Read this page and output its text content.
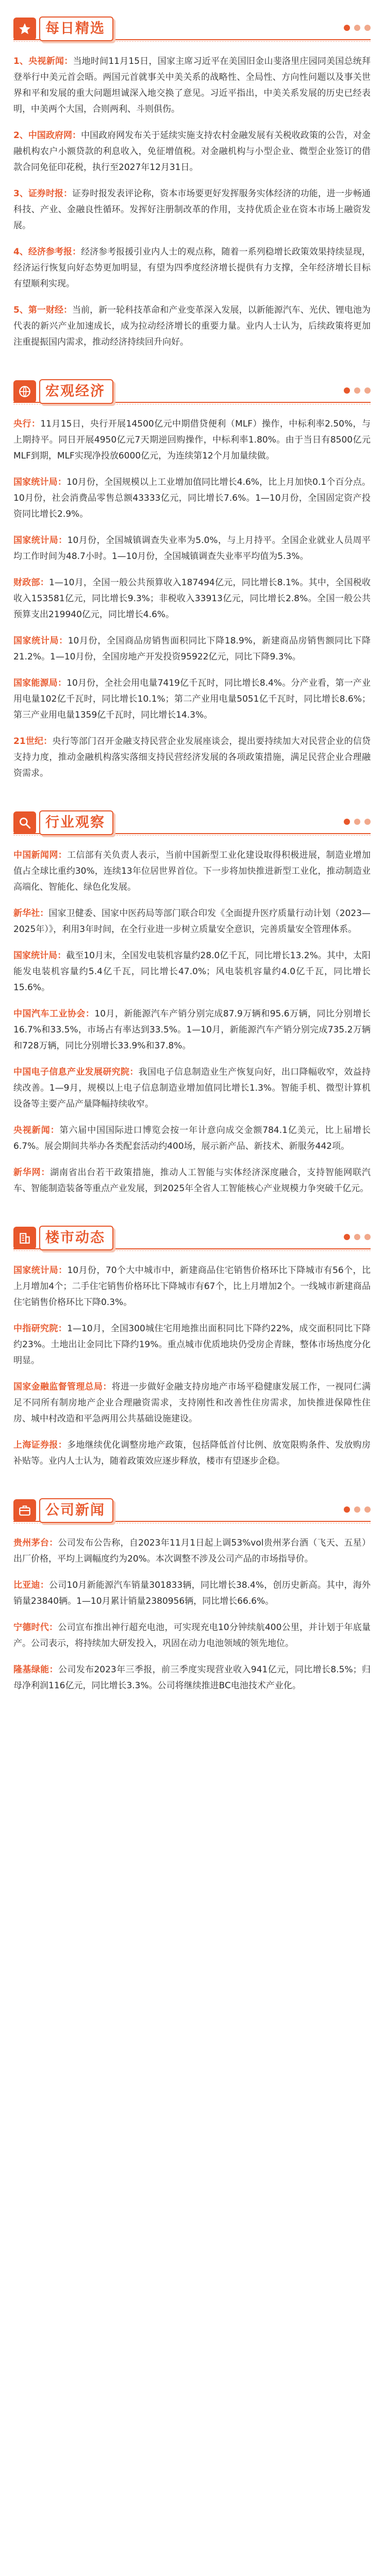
每日精选

1、央视新闻：当地时间11月15日，国家主席习近平在美国旧金山斐洛里庄园同美国总统拜登举行中美元首会晤。两国元首就事关中美关系的战略性、全局性、方向性问题以及事关世界和平和发展的重大问题坦诚深入地交换了意见。习近平指出，中美关系发展的历史已经表明，中美两个大国，合则两利、斗则俱伤。

2、中国政府网：中国政府网发布关于延续实施支持农村金融发展有关税收政策的公告，对金融机构农户小额贷款的利息收入，免征增值税。对金融机构与小型企业、微型企业签订的借款合同免征印花税，执行至2027年12月31日。

3、证券时报：证券时报发表评论称，资本市场要更好发挥服务实体经济的功能，进一步畅通科技、产业、金融良性循环。发挥好注册制改革的作用，支持优质企业在资本市场上融资发展。

4、经济参考报：经济参考报援引业内人士的观点称，随着一系列稳增长政策效果持续显现，经济运行恢复向好态势更加明显，有望为四季度经济增长提供有力支撑，全年经济增长目标有望顺利实现。

5、第一财经：当前，新一轮科技革命和产业变革深入发展，以新能源汽车、光伏、锂电池为代表的新兴产业加速成长，成为拉动经济增长的重要力量。业内人士认为，后续政策将更加注重提振国内需求，推动经济持续回升向好。

宏观经济

央行：11月15日，央行开展14500亿元中期借贷便利（MLF）操作，中标利率2.50%，与上期持平。同日开展4950亿元7天期逆回购操作，中标利率1.80%。由于当日有8500亿元MLF到期，MLF实现净投放6000亿元，为连续第12个月加量续做。

国家统计局：10月份，全国规模以上工业增加值同比增长4.6%，比上月加快0.1个百分点。10月份，社会消费品零售总额43333亿元，同比增长7.6%。1—10月份，全国固定资产投资同比增长2.9%。

国家统计局：10月份，全国城镇调查失业率为5.0%，与上月持平。全国企业就业人员周平均工作时间为48.7小时。1—10月份，全国城镇调查失业率平均值为5.3%。

财政部：1—10月，全国一般公共预算收入187494亿元，同比增长8.1%。其中，全国税收收入153581亿元，同比增长9.3%；非税收入33913亿元，同比增长2.8%。全国一般公共预算支出219940亿元，同比增长4.6%。

国家统计局：10月份，全国商品房销售面积同比下降18.9%，新建商品房销售额同比下降21.2%。1—10月份，全国房地产开发投资95922亿元，同比下降9.3%。

国家能源局：10月份，全社会用电量7419亿千瓦时，同比增长8.4%。分产业看，第一产业用电量102亿千瓦时，同比增长10.1%；第二产业用电量5051亿千瓦时，同比增长8.6%；第三产业用电量1359亿千瓦时，同比增长14.3%。

21世纪：央行等部门召开金融支持民营企业发展座谈会，提出要持续加大对民营企业的信贷支持力度，推动金融机构落实落细支持民营经济发展的各项政策措施，满足民营企业合理融资需求。

行业观察

中国新闻网：工信部有关负责人表示，当前中国新型工业化建设取得积极进展，制造业增加值占全球比重约30%，连续13年位居世界首位。下一步将加快推进新型工业化，推动制造业高端化、智能化、绿色化发展。

新华社：国家卫健委、国家中医药局等部门联合印发《全面提升医疗质量行动计划（2023—2025年）》，利用3年时间，在全行业进一步树立质量安全意识，完善质量安全管理体系。

国家统计局：截至10月末，全国发电装机容量约28.0亿千瓦，同比增长13.2%。其中，太阳能发电装机容量约5.4亿千瓦，同比增长47.0%；风电装机容量约4.0亿千瓦，同比增长15.6%。

中国汽车工业协会：10月，新能源汽车产销分别完成87.9万辆和95.6万辆，同比分别增长16.7%和33.5%，市场占有率达到33.5%。1—10月，新能源汽车产销分别完成735.2万辆和728万辆，同比分别增长33.9%和37.8%。

中国电子信息产业发展研究院：我国电子信息制造业生产恢复向好，出口降幅收窄，效益持续改善。1—9月，规模以上电子信息制造业增加值同比增长1.3%。智能手机、微型计算机设备等主要产品产量降幅持续收窄。

央视新闻：第六届中国国际进口博览会按一年计意向成交金额784.1亿美元，比上届增长6.7%。展会期间共举办各类配套活动约400场，展示新产品、新技术、新服务442项。

新华网：湖南省出台若干政策措施，推动人工智能与实体经济深度融合，支持智能网联汽车、智能制造装备等重点产业发展，到2025年全省人工智能核心产业规模力争突破千亿元。

楼市动态

国家统计局：10月份，70个大中城市中，新建商品住宅销售价格环比下降城市有56个，比上月增加4个；二手住宅销售价格环比下降城市有67个，比上月增加2个。一线城市新建商品住宅销售价格环比下降0.3%。

中指研究院：1—10月，全国300城住宅用地推出面积同比下降约22%，成交面积同比下降约23%。土地出让金同比下降约19%。重点城市优质地块仍受房企青睐，整体市场热度分化明显。

国家金融监督管理总局：将进一步做好金融支持房地产市场平稳健康发展工作，一视同仁满足不同所有制房地产企业合理融资需求，支持刚性和改善性住房需求，加快推进保障性住房、城中村改造和平急两用公共基础设施建设。

上海证券报：多地继续优化调整房地产政策，包括降低首付比例、放宽限购条件、发放购房补贴等。业内人士认为，随着政策效应逐步释放，楼市有望逐步企稳。

公司新闻

贵州茅台：公司发布公告称，自2023年11月1日起上调53%vol贵州茅台酒（飞天、五星）出厂价格，平均上调幅度约为20%。本次调整不涉及公司产品的市场指导价。

比亚迪：公司10月新能源汽车销量301833辆，同比增长38.4%，创历史新高。其中，海外销量23840辆。1—10月累计销量2380956辆，同比增长66.6%。

宁德时代：公司宣布推出神行超充电池，可实现充电10分钟续航400公里，并计划于年底量产。公司表示，将持续加大研发投入，巩固在动力电池领域的领先地位。

隆基绿能：公司发布2023年三季报，前三季度实现营业收入941亿元，同比增长8.5%；归母净利润116亿元，同比增长3.3%。公司将继续推进BC电池技术产业化。
